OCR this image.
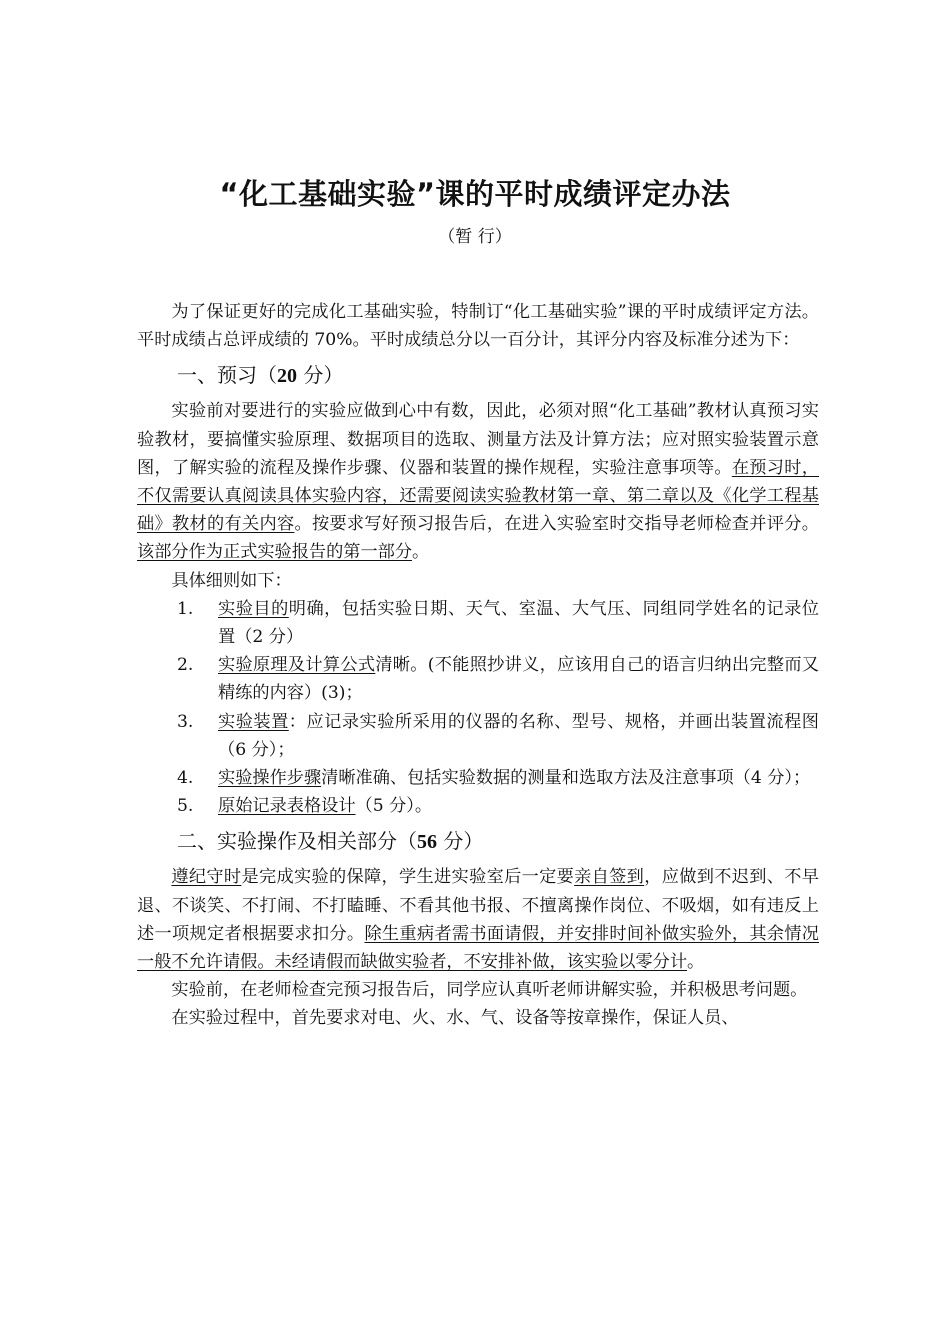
“化工基础实验”课的平时成绩评定办法
（暂 行）

为了保证更好的完成化工基础实验，特制订“化工基础实验”课的平时成绩评定方法。平时成绩占总评成绩的 70%。平时成绩总分以一百分计，其评分内容及标准分述为下：

一、预习（20 分）

实验前对要进行的实验应做到心中有数，因此，必须对照“化工基础”教材认真预习实验教材，要搞懂实验原理、数据项目的选取、测量方法及计算方法；应对照实验装置示意图，了解实验的流程及操作步骤、仪器和装置的操作规程，实验注意事项等。在预习时，不仅需要认真阅读具体实验内容，还需要阅读实验教材第一章、第二章以及《化学工程基础》教材的有关内容。按要求写好预习报告后，在进入实验室时交指导老师检查并评分。该部分作为正式实验报告的第一部分。

具体细则如下：

1. 实验目的明确，包括实验日期、天气、室温、大气压、同组同学姓名的记录位置（2 分）
2. 实验原理及计算公式清晰。(不能照抄讲义，应该用自己的语言归纳出完整而又精练的内容）(3)；
3. 实验装置：应记录实验所采用的仪器的名称、型号、规格，并画出装置流程图（6 分）；
4. 实验操作步骤清晰准确、包括实验数据的测量和选取方法及注意事项（4 分）；
5. 原始记录表格设计（5 分）。

二、实验操作及相关部分（56 分）

遵纪守时是完成实验的保障，学生进实验室后一定要亲自签到，应做到不迟到、不早退、不谈笑、不打闹、不打瞌睡、不看其他书报、不擅离操作岗位、不吸烟，如有违反上述一项规定者根据要求扣分。除生重病者需书面请假，并安排时间补做实验外，其余情况一般不允许请假。未经请假而缺做实验者，不安排补做，该实验以零分计。

实验前，在老师检查完预习报告后，同学应认真听老师讲解实验，并积极思考问题。

在实验过程中，首先要求对电、火、水、气、设备等按章操作，保证人员、
